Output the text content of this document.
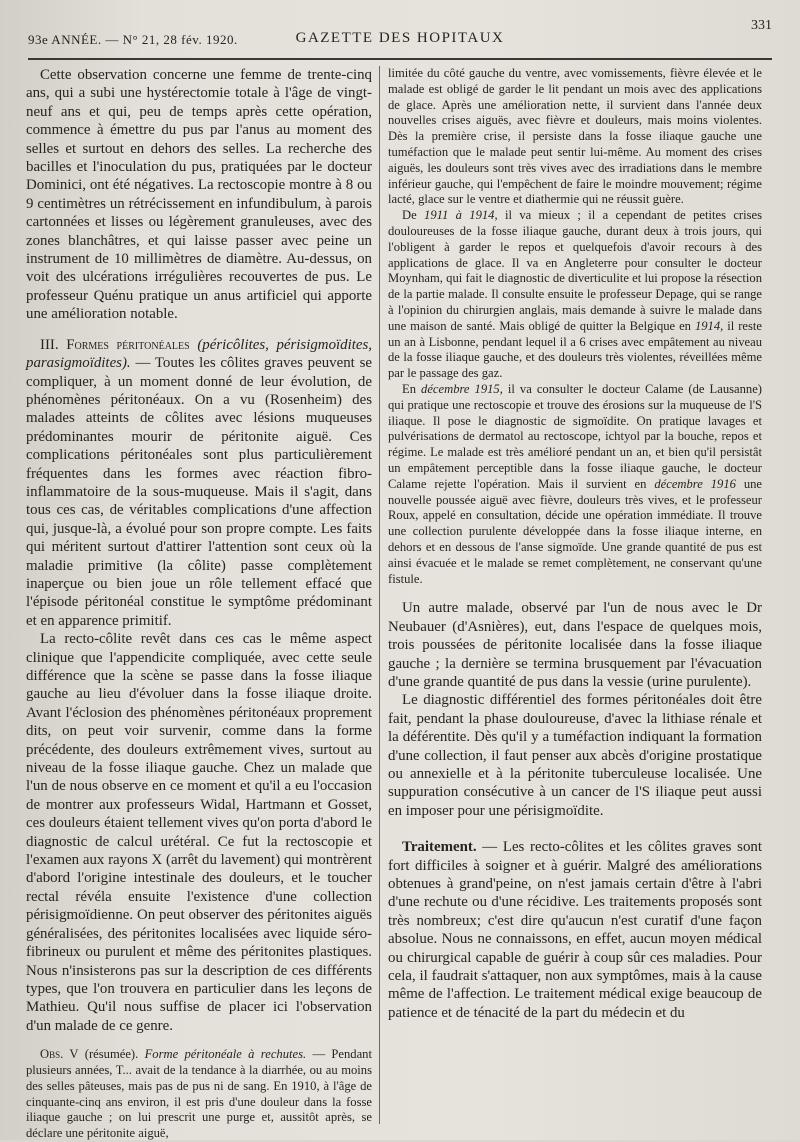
93e ANNÉE. — N° 21, 28 fév. 1920.	GAZETTE DES HOPITAUX
331

Cette observation concerne une femme de trente-cinq ans, qui a subi une hystérectomie totale à l'âge de vingt-neuf ans et qui, peu de temps après cette opération, commence à émettre du pus par l'anus au moment des selles et surtout en dehors des selles. La recherche des bacilles et l'inoculation du pus, pratiquées par le docteur Dominici, ont été négatives. La rectoscopie montre à 8 ou 9 centimètres un rétrécissement en infundibulum, à parois cartonnées et lisses ou légèrement granuleuses, avec des zones blanchâtres, et qui laisse passer avec peine un instrument de 10 millimètres de diamètre. Au-dessus, on voit des ulcérations irrégulières recouvertes de pus. Le professeur Quénu pratique un anus artificiel qui apporte une amélioration notable.

III. Formes péritonéales (péricôlites, périsigmoïdites, parasigmoïdites). — Toutes les côlites graves peuvent se compliquer, à un moment donné de leur évolution, de phénomènes péritonéaux. On a vu (Rosenheim) des malades atteints de côlites avec lésions muqueuses prédominantes mourir de péritonite aiguë. Ces complications péritonéales sont plus particulièrement fréquentes dans les formes avec réaction fibro-inflammatoire de la sous-muqueuse. Mais il s'agit, dans tous ces cas, de véritables complications d'une affection qui, jusque-là, a évolué pour son propre compte. Les faits qui méritent surtout d'attirer l'attention sont ceux où la maladie primitive (la côlite) passe complètement inaperçue ou bien joue un rôle tellement effacé que l'épisode péritonéal constitue le symptôme prédominant et en apparence primitif.

La recto-côlite revêt dans ces cas le même aspect clinique que l'appendicite compliquée, avec cette seule différence que la scène se passe dans la fosse iliaque gauche au lieu d'évoluer dans la fosse iliaque droite. Avant l'éclosion des phénomènes péritonéaux proprement dits, on peut voir survenir, comme dans la forme précédente, des douleurs extrêmement vives, surtout au niveau de la fosse iliaque gauche. Chez un malade que l'un de nous observe en ce moment et qu'il a eu l'occasion de montrer aux professeurs Widal, Hartmann et Gosset, ces douleurs étaient tellement vives qu'on porta d'abord le diagnostic de calcul urétéral. Ce fut la rectoscopie et l'examen aux rayons X (arrêt du lavement) qui montrèrent d'abord l'origine intestinale des douleurs, et le toucher rectal révéla ensuite l'existence d'une collection périsigmoïdienne. On peut observer des péritonites aiguës généralisées, des péritonites localisées avec liquide séro-fibrineux ou purulent et même des péritonites plastiques. Nous n'insisterons pas sur la description de ces différents types, que l'on trouvera en particulier dans les leçons de Mathieu. Qu'il nous suffise de placer ici l'observation d'un malade de ce genre.

Obs. V (résumée). Forme péritonéale à rechutes. — Pendant plusieurs années, T... avait de la tendance à la diarrhée, ou au moins des selles pâteuses, mais pas de pus ni de sang. En 1910, à l'âge de cinquante-cinq ans environ, il est pris d'une douleur dans la fosse iliaque gauche ; on lui prescrit une purge et, aussitôt après, se déclare une péritonite aiguë,

limitée du côté gauche du ventre, avec vomissements, fièvre élevée et le malade est obligé de garder le lit pendant un mois avec des applications de glace. Après une amélioration nette, il survient dans l'année deux nouvelles crises aiguës, avec fièvre et douleurs, mais moins violentes. Dès la première crise, il persiste dans la fosse iliaque gauche une tuméfaction que le malade peut sentir lui-même. Au moment des crises aiguës, les douleurs sont très vives avec des irradiations dans le membre inférieur gauche, qui l'empêchent de faire le moindre mouvement; régime lacté, glace sur le ventre et diathermie qui ne réussit guère.

De 1911 à 1914, il va mieux ; il a cependant de petites crises douloureuses de la fosse iliaque gauche, durant deux à trois jours, qui l'obligent à garder le repos et quelquefois d'avoir recours à des applications de glace. Il va en Angleterre pour consulter le docteur Moynham, qui fait le diagnostic de diverticulite et lui propose la résection de la partie malade. Il consulte ensuite le professeur Depage, qui se range à l'opinion du chirurgien anglais, mais demande à suivre le malade dans une maison de santé. Mais obligé de quitter la Belgique en 1914, il reste un an à Lisbonne, pendant lequel il a 6 crises avec empâtement au niveau de la fosse iliaque gauche, et des douleurs très violentes, réveillées même par le passage des gaz.

En décembre 1915, il va consulter le docteur Calame (de Lausanne) qui pratique une rectoscopie et trouve des érosions sur la muqueuse de l'S iliaque. Il pose le diagnostic de sigmoïdite. On pratique lavages et pulvérisations de dermatol au rectoscope, ichtyol par la bouche, repos et régime. Le malade est très amélioré pendant un an, et bien qu'il persistât un empâtement perceptible dans la fosse iliaque gauche, le docteur Calame rejette l'opération. Mais il survient en décembre 1916 une nouvelle poussée aiguë avec fièvre, douleurs très vives, et le professeur Roux, appelé en consultation, décide une opération immédiate. Il trouve une collection purulente développée dans la fosse iliaque interne, en dehors et en dessous de l'anse sigmoïde. Une grande quantité de pus est ainsi évacuée et le malade se remet complètement, ne conservant qu'une fistule.

Un autre malade, observé par l'un de nous avec le Dr Neubauer (d'Asnières), eut, dans l'espace de quelques mois, trois poussées de péritonite localisée dans la fosse iliaque gauche ; la dernière se termina brusquement par l'évacuation d'une grande quantité de pus dans la vessie (urine purulente).

Le diagnostic différentiel des formes péritonéales doit être fait, pendant la phase douloureuse, d'avec la lithiase rénale et la déférentite. Dès qu'il y a tuméfaction indiquant la formation d'une collection, il faut penser aux abcès d'origine prostatique ou annexielle et à la péritonite tuberculeuse localisée. Une suppuration consécutive à un cancer de l'S iliaque peut aussi en imposer pour une périsigmoïdite.

Traitement. — Les recto-côlites et les côlites graves sont fort difficiles à soigner et à guérir. Malgré des améliorations obtenues à grand'peine, on n'est jamais certain d'être à l'abri d'une rechute ou d'une récidive. Les traitements proposés sont très nombreux; c'est dire qu'aucun n'est curatif d'une façon absolue. Nous ne connaissons, en effet, aucun moyen médical ou chirurgical capable de guérir à coup sûr ces maladies. Pour cela, il faudrait s'attaquer, non aux symptômes, mais à la cause même de l'affection. Le traitement médical exige beaucoup de patience et de ténacité de la part du médecin et du
